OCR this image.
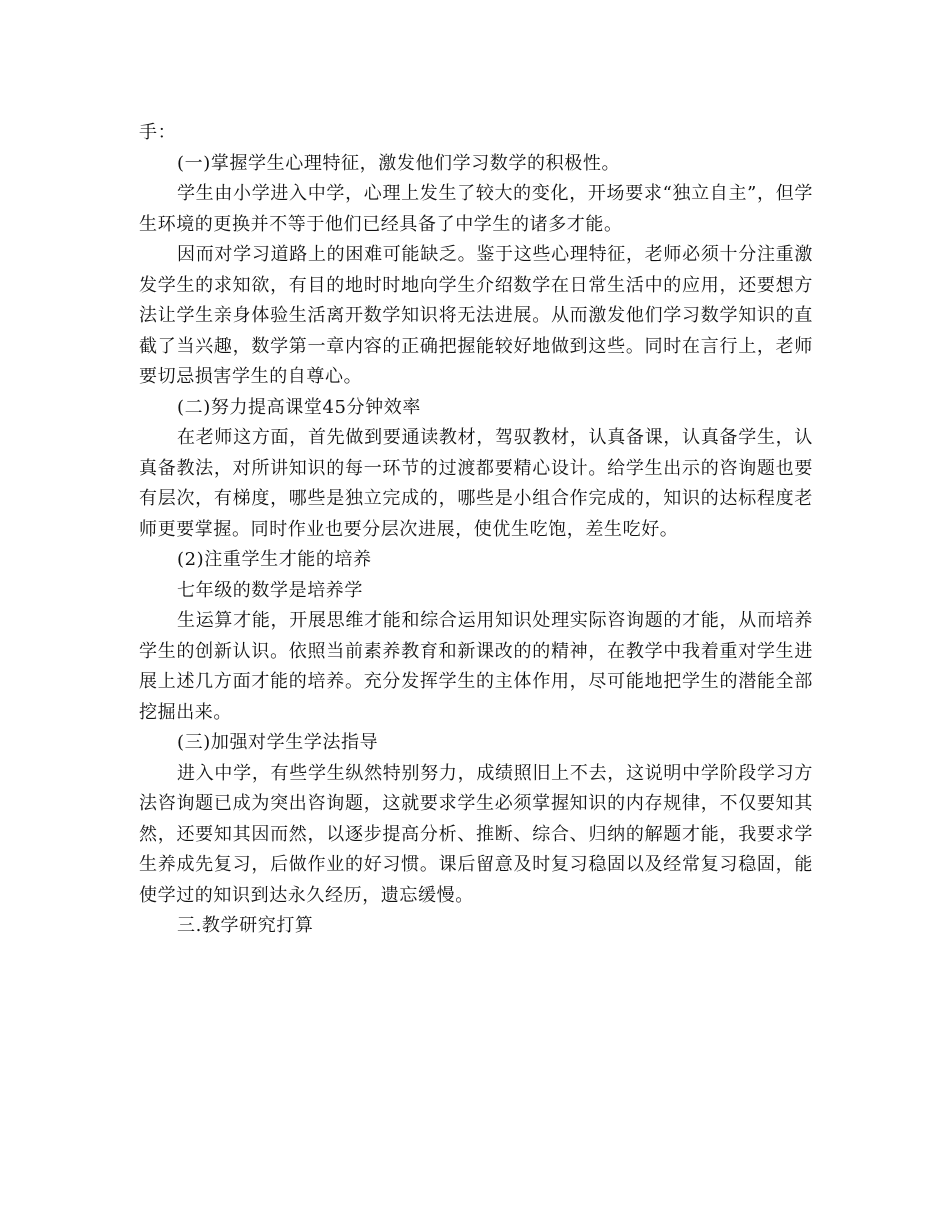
手：

(一)掌握学生心理特征，激发他们学习数学的积极性。

学生由小学进入中学，心理上发生了较大的变化，开场要求“独立自主”，但学生环境的更换并不等于他们已经具备了中学生的诸多才能。

因而对学习道路上的困难可能缺乏。鉴于这些心理特征，老师必须十分注重激发学生的求知欲，有目的地时时地向学生介绍数学在日常生活中的应用，还要想方法让学生亲身体验生活离开数学知识将无法进展。从而激发他们学习数学知识的直截了当兴趣，数学第一章内容的正确把握能较好地做到这些。同时在言行上，老师要切忌损害学生的自尊心。

(二)努力提高课堂45分钟效率

在老师这方面，首先做到要通读教材，驾驭教材，认真备课，认真备学生，认真备教法，对所讲知识的每一环节的过渡都要精心设计。给学生出示的咨询题也要有层次，有梯度，哪些是独立完成的，哪些是小组合作完成的，知识的达标程度老师更要掌握。同时作业也要分层次进展，使优生吃饱，差生吃好。

(2)注重学生才能的培养

七年级的数学是培养学

生运算才能，开展思维才能和综合运用知识处理实际咨询题的才能，从而培养学生的创新认识。依照当前素养教育和新课改的的精神，在教学中我着重对学生进展上述几方面才能的培养。充分发挥学生的主体作用，尽可能地把学生的潜能全部挖掘出来。

(三)加强对学生学法指导

进入中学，有些学生纵然特别努力，成绩照旧上不去，这说明中学阶段学习方法咨询题已成为突出咨询题，这就要求学生必须掌握知识的内存规律，不仅要知其然，还要知其因而然，以逐步提高分析、推断、综合、归纳的解题才能，我要求学生养成先复习，后做作业的好习惯。课后留意及时复习稳固以及经常复习稳固，能使学过的知识到达永久经历，遗忘缓慢。

三.教学研究打算
